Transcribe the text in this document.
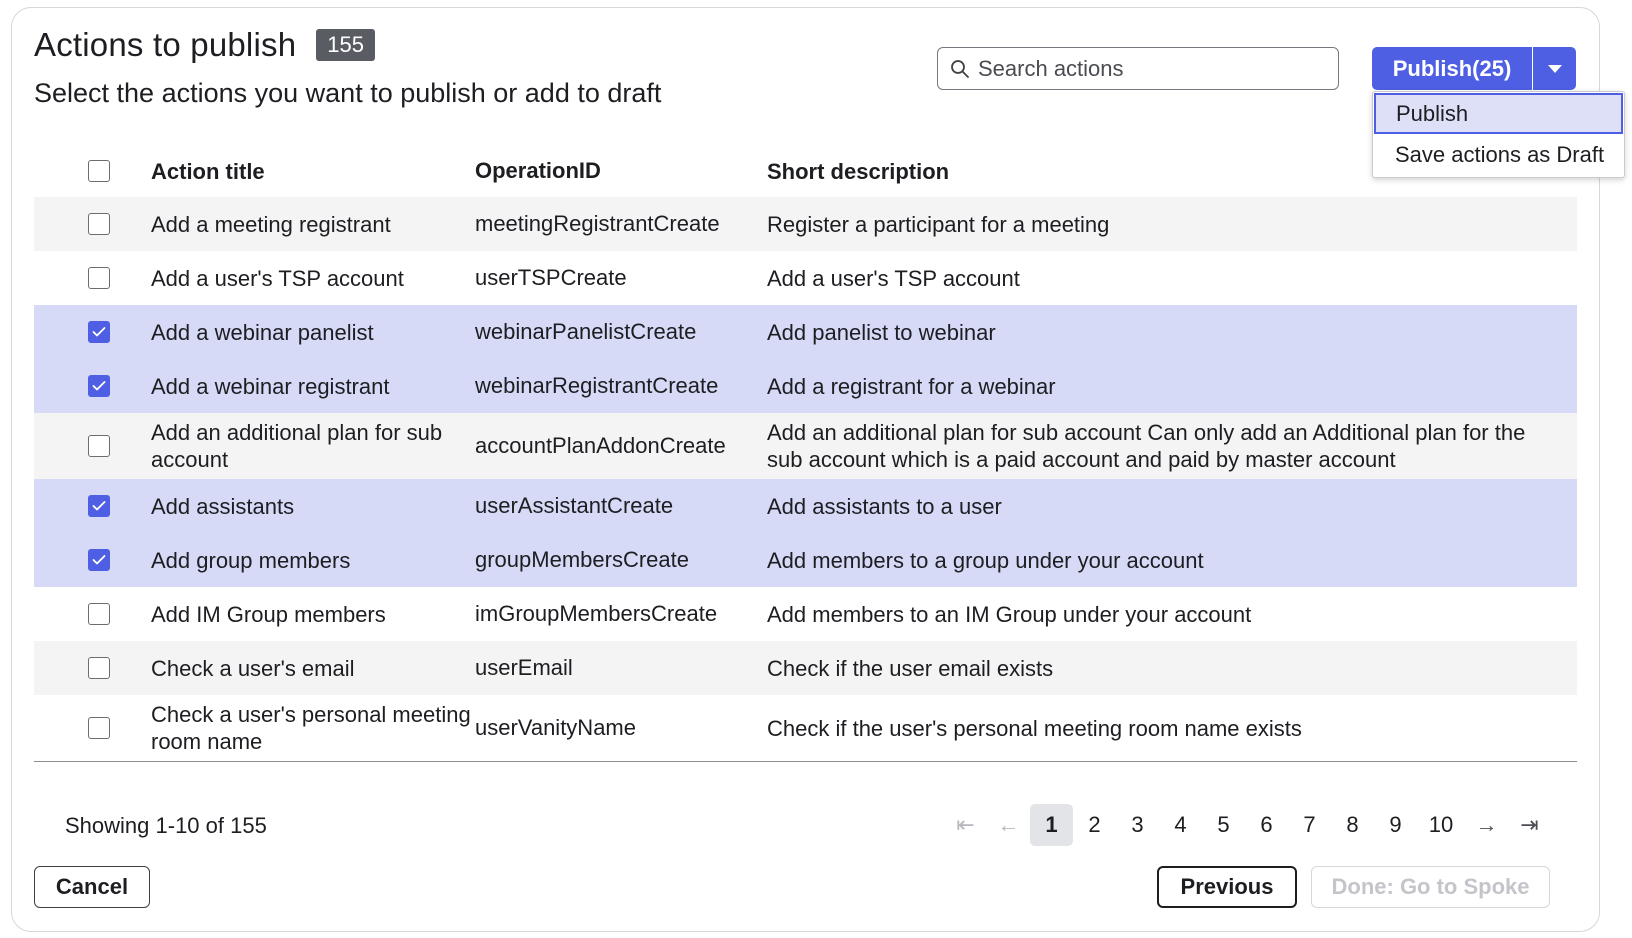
Actions to publish	155
Select the actions you want to publish or add to draft
Search actions
Publish(25)
Publish
Save actions as Draft
Action title	OperationID	Short description
Add a meeting registrant	meetingRegistrantCreate	Register a participant for a meeting
Add a user's TSP account	userTSPCreate	Add a user's TSP account
Add a webinar panelist	webinarPanelistCreate	Add panelist to webinar
Add a webinar registrant	webinarRegistrantCreate	Add a registrant for a webinar
Add an additional plan for sub account
accountPlanAddonCreate
Add an additional plan for sub account Can only add an Additional plan for the sub account which is a paid account and paid by master account
Add assistants	userAssistantCreate	Add assistants to a user
Add group members	groupMembersCreate	Add members to a group under your account
Add IM Group members	imGroupMembersCreate	Add members to an IM Group under your account
Check a user's email	userEmail	Check if the user email exists
Check a user's personal meeting room name
userVanityName	Check if the user's personal meeting room name exists
Showing 1-10 of 155	⇤	←	1	2	3	4	5	6	7	8	9	10	→	⇥
Cancel	Previous	Done: Go to Spoke
